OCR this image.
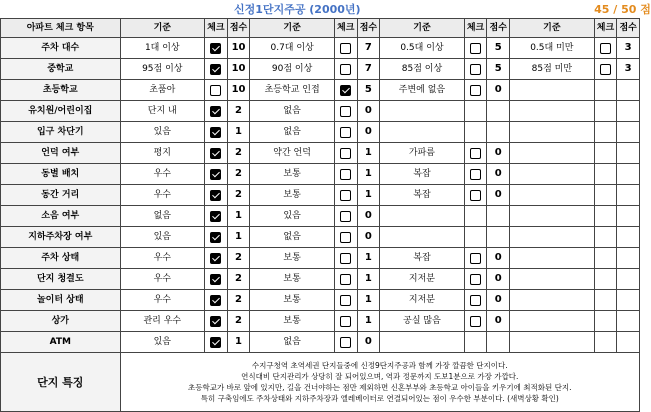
신정1단지주공 (2000년)											45 / 50 점	
아파트 체크 항목	기준	체크	점수	기준	체크	점수	기준	체크	점수	기준	체크	점수
주차 대수	1대 이상		10	0.7대 이상		7	0.5대 이상		5	0.5대 미만		3
중학교	95점 이상		10	90점 이상		7	85점 이상		5	85점 미만		3
초등학교	초품아		10	초등학교 인접		5	주변에 없음		0			
유치원/어린이집	단지 내		2	없음		0						
입구 차단기	있음		1	없음		0						
언덕 여부	평지		2	약간 언덕		1	가파름		0			
동별 배치	우수		2	보통		1	복잡		0			
동간 거리	우수		2	보통		1	복잡		0			
소음 여부	없음		1	있음		0						
지하주차장 여부	있음		1	없음		0						
주차 상태	우수		2	보통		1	복잡		0			
단지 청결도	우수		2	보통		1	지저분		0			
놀이터 상태	우수		2	보통		1	지저분		0			
상가	관리 우수		2	보통		1	공실 많음		0			
ATM	있음		1	없음		0						
단지 특징	수지구청역 초역세권 단지들중에 신정9단지주공과 함께 가장 깔끔한 단지이다.
연식대비 단지관리가 상당히 잘 되어있으며, 역과 정문까지 도보1분으로 가장 가깝다.
초등학교가 바로 앞에 있지만, 길을 건너야하는 점만 제외하면 신혼부부와 초등학교 아이들을 키우기에 최적화된 단지.
특히 구축임에도 주차상태와 지하주차장과 엘레베이터로 연결되어있는 점이 우수한 부분이다. (새벽상황 확인)											
